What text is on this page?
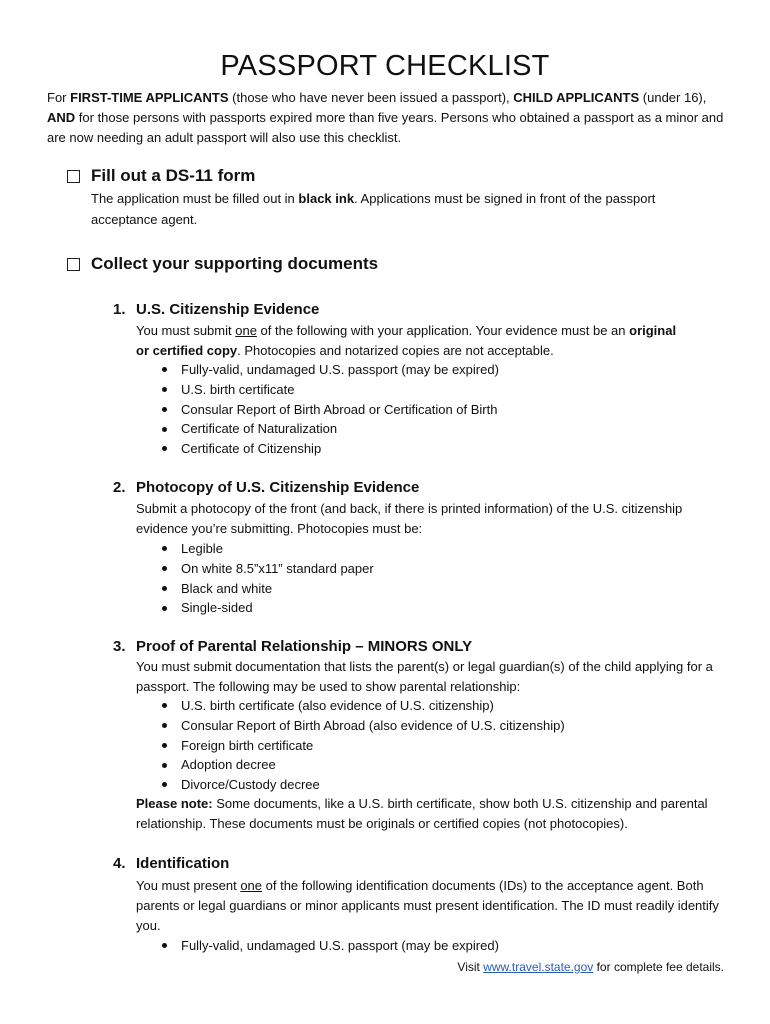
PASSPORT CHECKLIST
For FIRST-TIME APPLICANTS (those who have never been issued a passport), CHILD APPLICANTS (under 16),
AND for those persons with passports expired more than five years. Persons who obtained a passport as a minor and are now needing an adult passport will also use this checklist.
Fill out a DS-11 form
The application must be filled out in black ink. Applications must be signed in front of the passport acceptance agent.
Collect your supporting documents
1. U.S. Citizenship Evidence
You must submit one of the following with your application. Your evidence must be an original
or certified copy. Photocopies and notarized copies are not acceptable.
Fully-valid, undamaged U.S. passport (may be expired)
U.S. birth certificate
Consular Report of Birth Abroad or Certification of Birth
Certificate of Naturalization
Certificate of Citizenship
2. Photocopy of U.S. Citizenship Evidence
Submit a photocopy of the front (and back, if there is printed information) of the U.S. citizenship evidence you’re submitting. Photocopies must be:
Legible
On white 8.5”x11” standard paper
Black and white
Single-sided
3. Proof of Parental Relationship – MINORS ONLY
You must submit documentation that lists the parent(s) or legal guardian(s) of the child applying for a passport. The following may be used to show parental relationship:
U.S. birth certificate (also evidence of U.S. citizenship)
Consular Report of Birth Abroad (also evidence of U.S. citizenship)
Foreign birth certificate
Adoption decree
Divorce/Custody decree
Please note: Some documents, like a U.S. birth certificate, show both U.S. citizenship and parental relationship. These documents must be originals or certified copies (not photocopies).
4. Identification
You must present one of the following identification documents (IDs) to the acceptance agent. Both parents or legal guardians or minor applicants must present identification. The ID must readily identify you.
Fully-valid, undamaged U.S. passport (may be expired)
Visit www.travel.state.gov for complete fee details.
